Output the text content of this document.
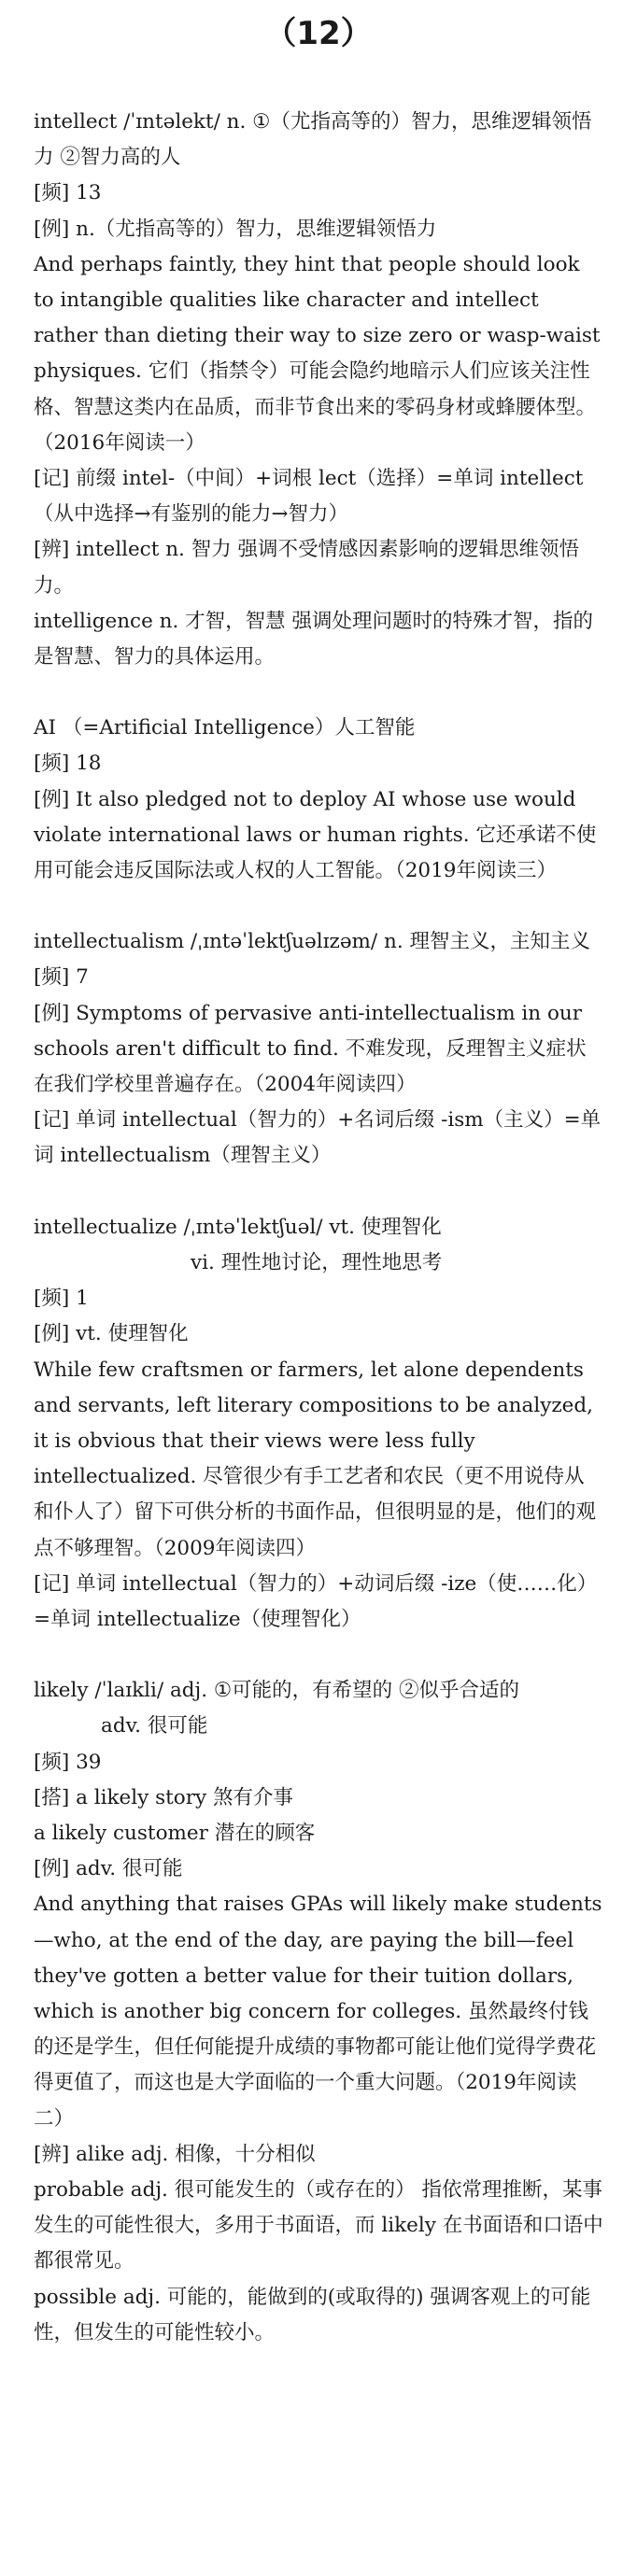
（12）

intellect /ˈɪntəlekt/ n. ①（尤指高等的）智力，思维逻辑领悟力 ②智力高的人

[频] 13

[例] n.（尤指高等的）智力，思维逻辑领悟力

And perhaps faintly, they hint that people should look to intangible qualities like character and intellect rather than dieting their way to size zero or wasp-waist physiques. 它们（指禁令）可能会隐约地暗示人们应该关注性格、智慧这类内在品质，而非节食出来的零码身材或蜂腰体型。（2016年阅读一）

[记] 前缀 intel-（中间）+词根 lect（选择）=单词 intellect（从中选择→有鉴别的能力→智力）

[辨] intellect n. 智力 强调不受情感因素影响的逻辑思维领悟力。

intelligence n. 才智，智慧 强调处理问题时的特殊才智，指的是智慧、智力的具体运用。

AI （=Artificial Intelligence）人工智能

[频] 18

[例] It also pledged not to deploy AI whose use would violate international laws or human rights. 它还承诺不使用可能会违反国际法或人权的人工智能。（2019年阅读三）

intellectualism /ˌɪntəˈlektʃuəlɪzəm/ n. 理智主义，主知主义

[频] 7

[例] Symptoms of pervasive anti-intellectualism in our schools aren't difficult to find. 不难发现，反理智主义症状在我们学校里普遍存在。（2004年阅读四）

[记] 单词 intellectual（智力的）+名词后缀 -ism（主义）=单词 intellectualism（理智主义）

intellectualize /ˌɪntəˈlektʃuəl/ vt. 使理智化

vi. 理性地讨论，理性地思考

[频] 1

[例] vt. 使理智化

While few craftsmen or farmers, let alone dependents and servants, left literary compositions to be analyzed, it is obvious that their views were less fully intellectualized. 尽管很少有手工艺者和农民（更不用说侍从和仆人了）留下可供分析的书面作品，但很明显的是，他们的观点不够理智。（2009年阅读四）

[记] 单词 intellectual（智力的）+动词后缀 -ize（使……化）=单词 intellectualize（使理智化）

likely /ˈlaɪkli/ adj. ①可能的，有希望的 ②似乎合适的

adv. 很可能

[频] 39

[搭] a likely story 煞有介事

a likely customer 潜在的顾客

[例] adv. 很可能

And anything that raises GPAs will likely make students—who, at the end of the day, are paying the bill—feel they've gotten a better value for their tuition dollars, which is another big concern for colleges. 虽然最终付钱的还是学生，但任何能提升成绩的事物都可能让他们觉得学费花得更值了，而这也是大学面临的一个重大问题。（2019年阅读二）

[辨] alike adj. 相像，十分相似

probable adj. 很可能发生的（或存在的） 指依常理推断，某事发生的可能性很大，多用于书面语，而 likely 在书面语和口语中都很常见。

possible adj. 可能的，能做到的(或取得的) 强调客观上的可能性，但发生的可能性较小。
